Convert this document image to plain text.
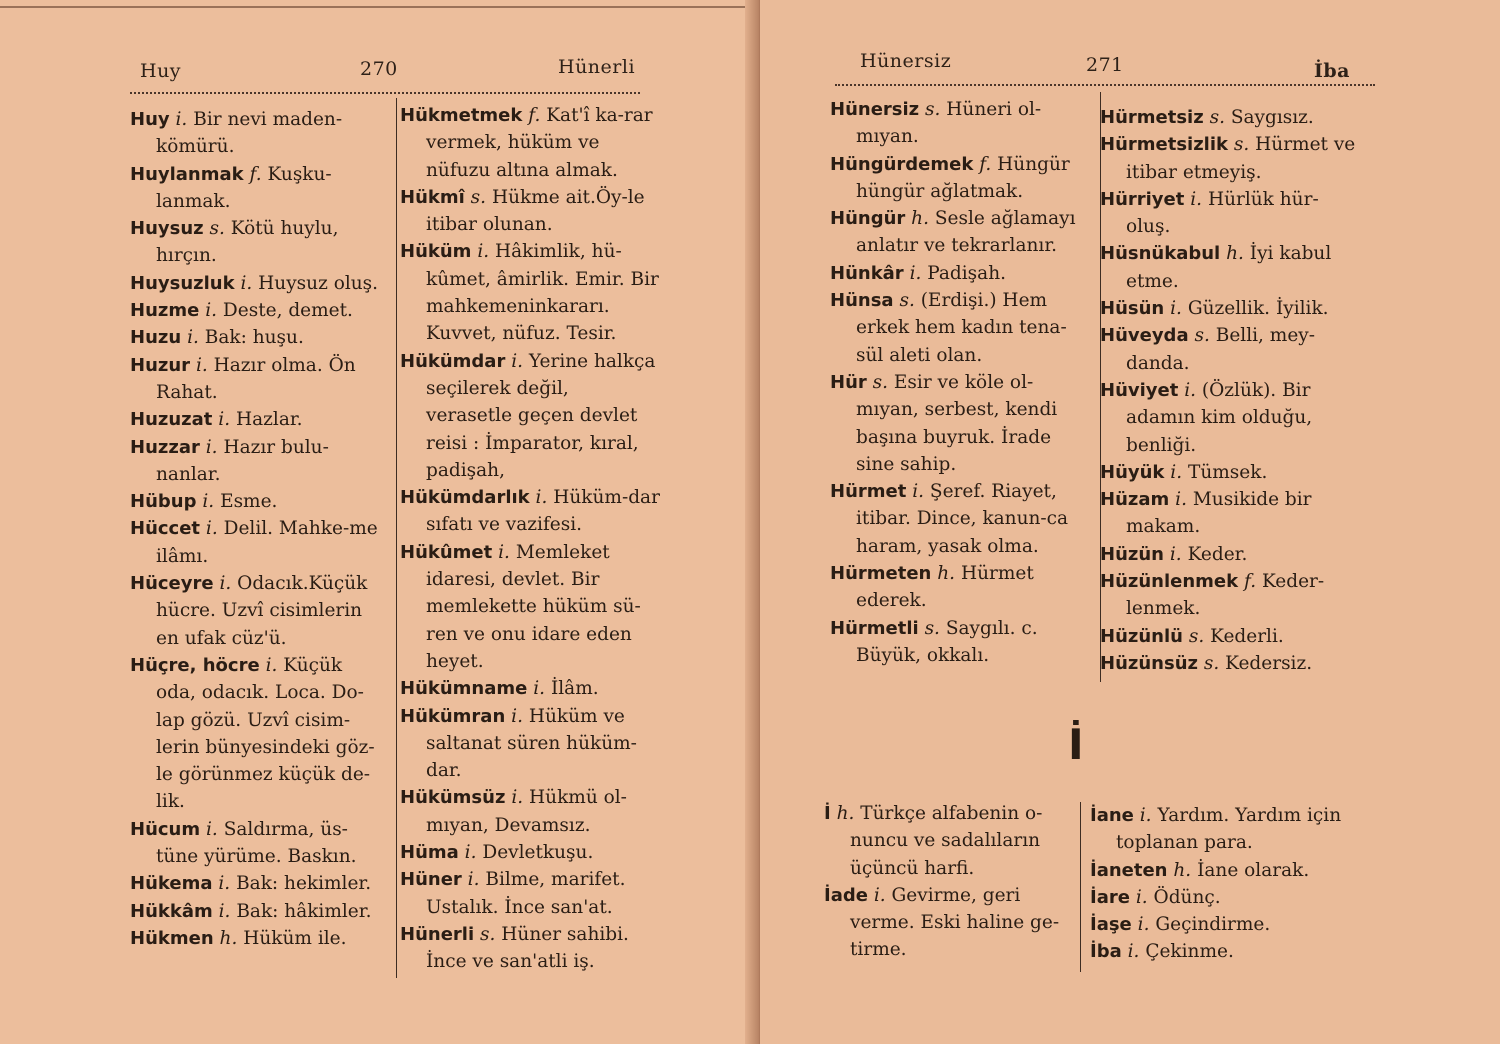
Huy	270	Hünerli

Huy i. Bir nevi maden-kömürü.

Huylanmak f. Kuşku-lanmak.

Huysuz s. Kötü huylu, hırçın.

Huysuzluk i. Huysuz oluş.

Huzme i. Deste, demet.

Huzu i. Bak: huşu.

Huzur i. Hazır olma. Ön Rahat.

Huzuzat i. Hazlar.

Huzzar i. Hazır bulu-nanlar.

Hübup i. Esme.

Hüccet i. Delil. Mahke-me ilâmı.

Hüceyre i. Odacık.Küçük hücre. Uzvî cisimlerin en ufak cüz'ü.

Hüçre, höcre i. Küçük oda, odacık. Loca. Do-lap gözü. Uzvî cisim-lerin bünyesindeki göz-le görünmez küçük de-lik.

Hücum i. Saldırma, üs-tüne yürüme. Baskın.

Hükema i. Bak: hekimler.

Hükkâm i. Bak: hâkimler.

Hükmen h. Hüküm ile.

Hükmetmek f. Kat'î ka-rar vermek, hüküm ve nüfuzu altına almak.

Hükmî s. Hükme ait.Öy-le itibar olunan.

Hüküm i. Hâkimlik, hü-kûmet, âmirlik. Emir. Bir mahkemeninkararı. Kuvvet, nüfuz. Tesir.

Hükümdar i. Yerine halkça seçilerek değil, verasetle geçen devlet reisi : İmparator, kıral, padişah,

Hükümdarlık i. Hüküm-dar sıfatı ve vazifesi.

Hükûmet i. Memleket idaresi, devlet. Bir memlekette hüküm sü-ren ve onu idare eden heyet.

Hükümname i. İlâm.

Hükümran i. Hüküm ve saltanat süren hüküm-dar.

Hükümsüz i. Hükmü ol-mıyan, Devamsız.

Hüma i. Devletkuşu.

Hüner i. Bilme, marifet. Ustalık. İnce san'at.

Hünerli s. Hüner sahibi. İnce ve san'atli iş.

Hünersiz	271	İba

Hünersiz s. Hüneri ol-mıyan.

Hüngürdemek f. Hüngür hüngür ağlatmak.

Hüngür h. Sesle ağlamayı anlatır ve tekrarlanır.

Hünkâr i. Padişah.

Hünsa s. (Erdişi.) Hem erkek hem kadın tena-sül aleti olan.

Hür s. Esir ve köle ol-mıyan, serbest, kendi başına buyruk. İrade sine sahip.

Hürmet i. Şeref. Riayet, itibar. Dince, kanun-ca haram, yasak olma.

Hürmeten h. Hürmet ederek.

Hürmetli s. Saygılı. c. Büyük, okkalı.

Hürmetsiz s. Saygısız.

Hürmetsizlik s. Hürmet ve itibar etmeyiş.

Hürriyet i. Hürlük hür-oluş.

Hüsnükabul h. İyi kabul etme.

Hüsün i. Güzellik. İyilik.

Hüveyda s. Belli, mey-danda.

Hüviyet i. (Özlük). Bir adamın kim olduğu, benliği.

Hüyük i. Tümsek.

Hüzam i. Musikide bir makam.

Hüzün i. Keder.

Hüzünlenmek f. Keder-lenmek.

Hüzünlü s. Kederli.

Hüzünsüz s. Kedersiz.

İ h. Türkçe alfabenin o-nuncu ve sadalıların üçüncü harfi.

İade i. Gevirme, geri verme. Eski haline ge-tirme.

İane i. Yardım. Yardım için toplanan para.

İaneten h. İane olarak.

İare i. Ödünç.

İaşe i. Geçindirme.

İba i. Çekinme.

İ
